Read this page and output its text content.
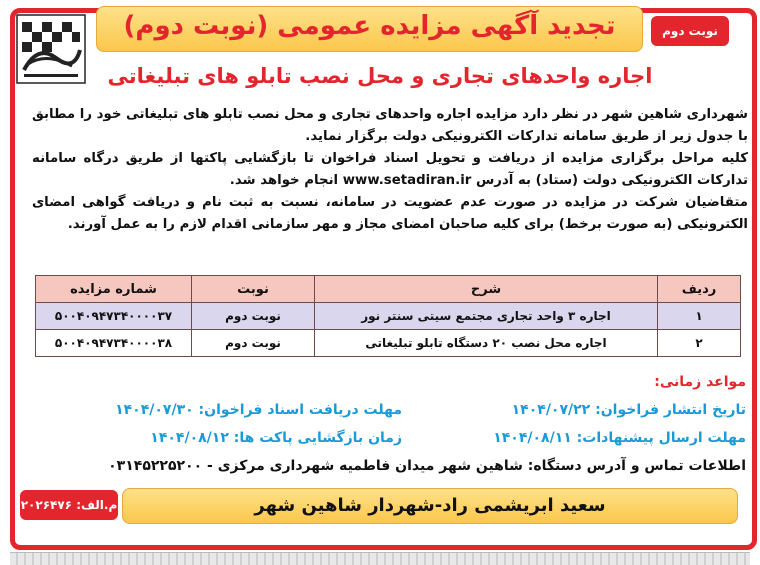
تجدید آگهی مزایده عمومی (نوبت دوم)	نوبت دوم
اجاره واحدهای تجاری و محل نصب تابلو های تبلیغاتی
شهرداری شاهین شهر در نظر دارد مزایده اجاره واحدهای تجاری و محل نصب تابلو های تبلیغاتی خود را مطابق با جدول زیر از طریق سامانه تدارکات الکترونیکی دولت برگزار نماید.
کلیه مراحل برگزاری مزایده از دریافت و تحویل اسناد فراخوان تا بازگشایی پاکتها از طریق درگاه سامانه تدارکات الکترونیکی دولت (ستاد) به آدرس www.setadiran.ir انجام خواهد شد.
متقاضیان شرکت در مزایده در صورت عدم عضویت در سامانه، نسبت به ثبت نام و دریافت گواهی امضای الکترونیکی (به صورت برخط) برای کلیه صاحبان امضای مجاز و مهر سازمانی اقدام لازم را به عمل آورند.
ردیف	شرح	نوبت	شماره مزایده
۱	اجاره ۳ واحد تجاری مجتمع سیتی سنتر نور	نوبت دوم	۵۰۰۴۰۹۴۷۳۴۰۰۰۰۳۷
۲	اجاره محل نصب ۲۰ دستگاه تابلو تبلیغاتی	نوبت دوم	۵۰۰۴۰۹۴۷۳۴۰۰۰۰۳۸
مواعد زمانی:
تاریخ انتشار فراخوان: ۱۴۰۴/۰۷/۲۲
مهلت دریافت اسناد فراخوان: ۱۴۰۴/۰۷/۳۰
مهلت ارسال پیشنهادات: ۱۴۰۴/۰۸/۱۱
زمان بازگشایی پاکت ها: ۱۴۰۴/۰۸/۱۲
اطلاعات تماس و آدرس دستگاه: شاهین شهر میدان فاطمیه شهرداری مرکزی - ۰۳۱۴۵۲۲۵۲۰۰
سعید ابریشمی راد-شهردار شاهین شهر
م.الف: ۲۰۲۶۴۷۶
